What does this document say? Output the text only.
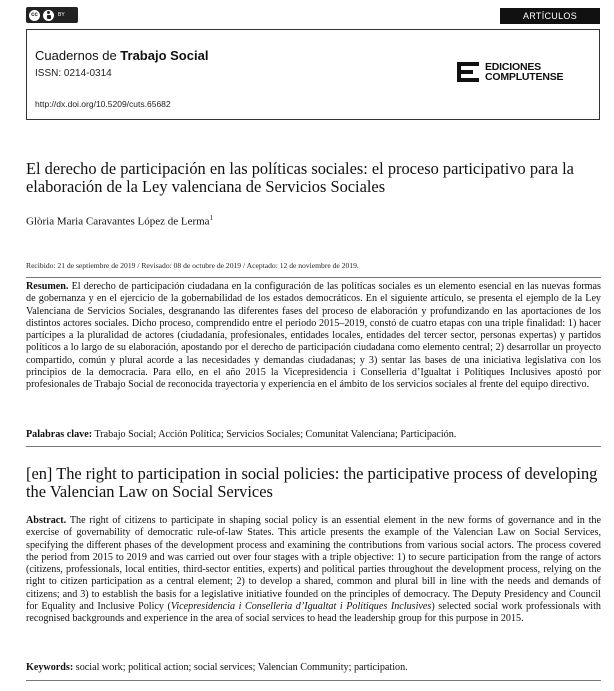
cc	BY	ARTÍCULOS
Cuadernos de Trabajo Social
ISSN: 0214-0314
http://dx.doi.org/10.5209/cuts.65682
EDICIONES
COMPLUTENSE
El derecho de participación en las políticas sociales: el proceso participativo para la elaboración de la Ley valenciana de Servicios Sociales
Glòria Maria Caravantes López de Lerma$^1$
Recibido: 21 de septiembre de 2019 / Revisado: 08 de octubre de 2019 / Aceptado: 12 de noviembre de 2019.

Resumen. El derecho de participación ciudadana en la configuración de las políticas sociales es un elemento esencial en las nuevas formas de gobernanza y en el ejercicio de la gobernabilidad de los estados democráticos. En el siguiente artículo, se presenta el ejemplo de la Ley Valenciana de Servicios Sociales, desgranando las diferentes fases del proceso de elaboración y profundizando en las aportaciones de los distintos actores sociales. Dicho proceso, comprendido entre el periodo 2015–2019, constó de cuatro etapas con una triple finalidad: 1) hacer partícipes a la pluralidad de actores (ciudadanía, profesionales, entidades locales, entidades del tercer sector, personas expertas) y partidos políticos a lo largo de su elaboración, apostando por el derecho de participación ciudadana como elemento central; 2) desarrollar un proyecto compartido, común y plural acorde a las necesidades y demandas ciudadanas; y 3) sentar las bases de una iniciativa legislativa con los principios de la democracia. Para ello, en el año 2015 la Vicepresidencia i Conselleria d’Igualtat i Polítiques Inclusives apostó por profesionales de Trabajo Social de reconocida trayectoria y experiencia en el ámbito de los servicios sociales al frente del equipo directivo.

Palabras clave: Trabajo Social; Acción Política; Servicios Sociales; Comunitat Valenciana; Participación.

[en] The right to participation in social policies: the participative process of developing the Valencian Law on Social Services

Abstract. The right of citizens to participate in shaping social policy is an essential element in the new forms of governance and in the exercise of governability of democratic rule-of-law States. This article presents the example of the Valencian Law on Social Services, specifying the different phases of the development process and examining the contributions from various social actors. The process covered the period from 2015 to 2019 and was carried out over four stages with a triple objective: 1) to secure participation from the range of actors (citizens, professionals, local entities, third-sector entities, experts) and political parties throughout the development process, relying on the right to citizen participation as a central element; 2) to develop a shared, common and plural bill in line with the needs and demands of citizens; and 3) to establish the basis for a legislative initiative founded on the principles of democracy. The Deputy Presidency and Council for Equality and Inclusive Policy (Vicepresidencia i Conselleria d’Igualtat i Polítiques Inclusives) selected social work professionals with recognised backgrounds and experience in the area of social services to head the leadership group for this purpose in 2015.

Keywords: social work; political action; social services; Valencian Community; participation.
